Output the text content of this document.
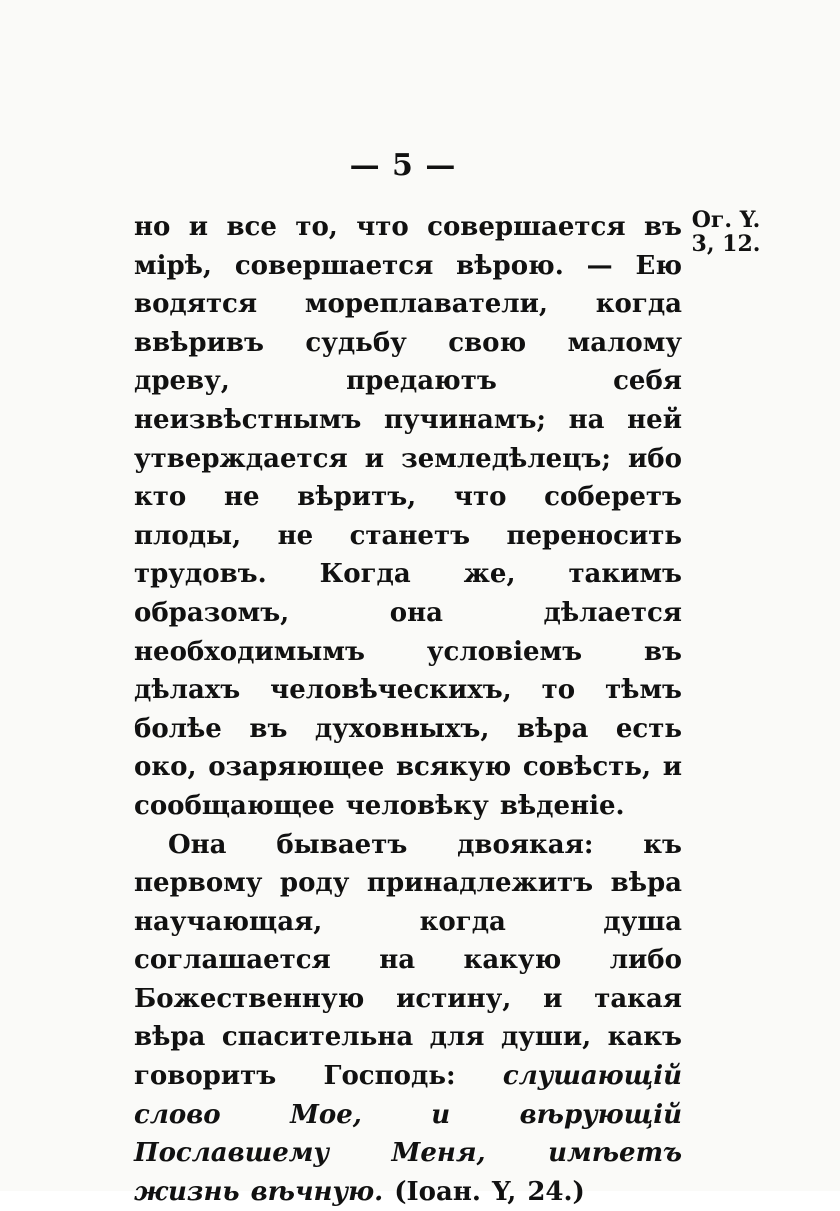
— 5 —
Ог. Y.
3, 12.

но и все то, что совершается въ мірѣ, совершается вѣрою. — Ею водятся мореплаватели, когда ввѣривъ судьбу свою малому древу, предаютъ себя неизвѣстнымъ пучинамъ; на ней утверждается и земледѣлецъ; ибо кто не вѣритъ, что соберетъ плоды, не станетъ переносить трудовъ. Когда же, такимъ образомъ, она дѣлается необходимымъ условіемъ въ дѣлахъ человѣческихъ, то тѣмъ болѣе въ духовныхъ, вѣра есть око, озаряющее всякую совѣсть, и сообщающее человѣку вѣденіе.

Она бываетъ двоякая: къ первому роду принадлежитъ вѣра научающая, когда душа соглашается на какую либо Божественную истину, и такая вѣра спасительна для души, какъ говоритъ Господь: слушающій слово Мое, и вѣрующій Пославшему Меня, имѣетъ жизнь вѣчную. (Іоан. Y, 24.)
